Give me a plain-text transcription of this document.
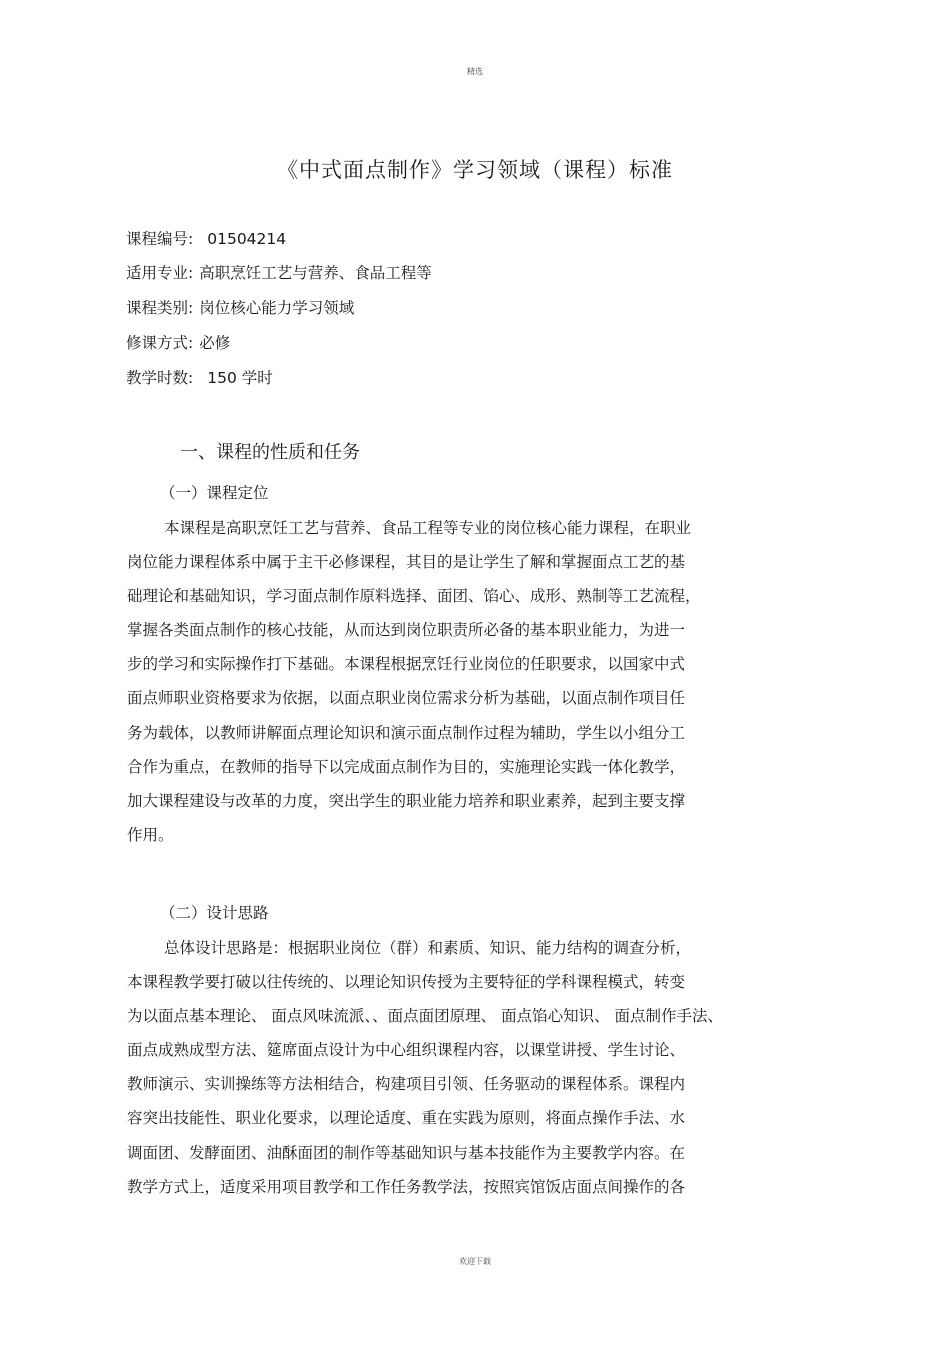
精选
《中式面点制作》学习领域（课程）标准
课程编号: 01504214
适用专业: 高职烹饪工艺与营养、食品工程等
课程类别: 岗位核心能力学习领域
修课方式: 必修
教学时数: 150 学时
一、课程的性质和任务
（一）课程定位
本课程是高职烹饪工艺与营养、食品工程等专业的岗位核心能力课程，在职业
岗位能力课程体系中属于主干必修课程，其目的是让学生了解和掌握面点工艺的基
础理论和基础知识，学习面点制作原料选择、面团、馅心、成形、熟制等工艺流程，
掌握各类面点制作的核心技能，从而达到岗位职责所必备的基本职业能力，为进一
步的学习和实际操作打下基础。本课程根据烹饪行业岗位的任职要求，以国家中式
面点师职业资格要求为依据，以面点职业岗位需求分析为基础，以面点制作项目任
务为载体，以教师讲解面点理论知识和演示面点制作过程为辅助，学生以小组分工
合作为重点，在教师的指导下以完成面点制作为目的，实施理论实践一体化教学，
加大课程建设与改革的力度，突出学生的职业能力培养和职业素养，起到主要支撑
作用。
（二）设计思路
总体设计思路是：根据职业岗位（群）和素质、知识、能力结构的调查分析，
本课程教学要打破以往传统的、以理论知识传授为主要特征的学科课程模式，转变
为以面点基本理论、 面点风味流派、、面点面团原理、 面点馅心知识、 面点制作手法、
面点成熟成型方法、筵席面点设计为中心组织课程内容，以课堂讲授、学生讨论、
教师演示、实训操练等方法相结合，构建项目引领、任务驱动的课程体系。课程内
容突出技能性、职业化要求，以理论适度、重在实践为原则，将面点操作手法、水
调面团、发酵面团、油酥面团的制作等基础知识与基本技能作为主要教学内容。在
教学方式上，适度采用项目教学和工作任务教学法，按照宾馆饭店面点间操作的各
欢迎下载
